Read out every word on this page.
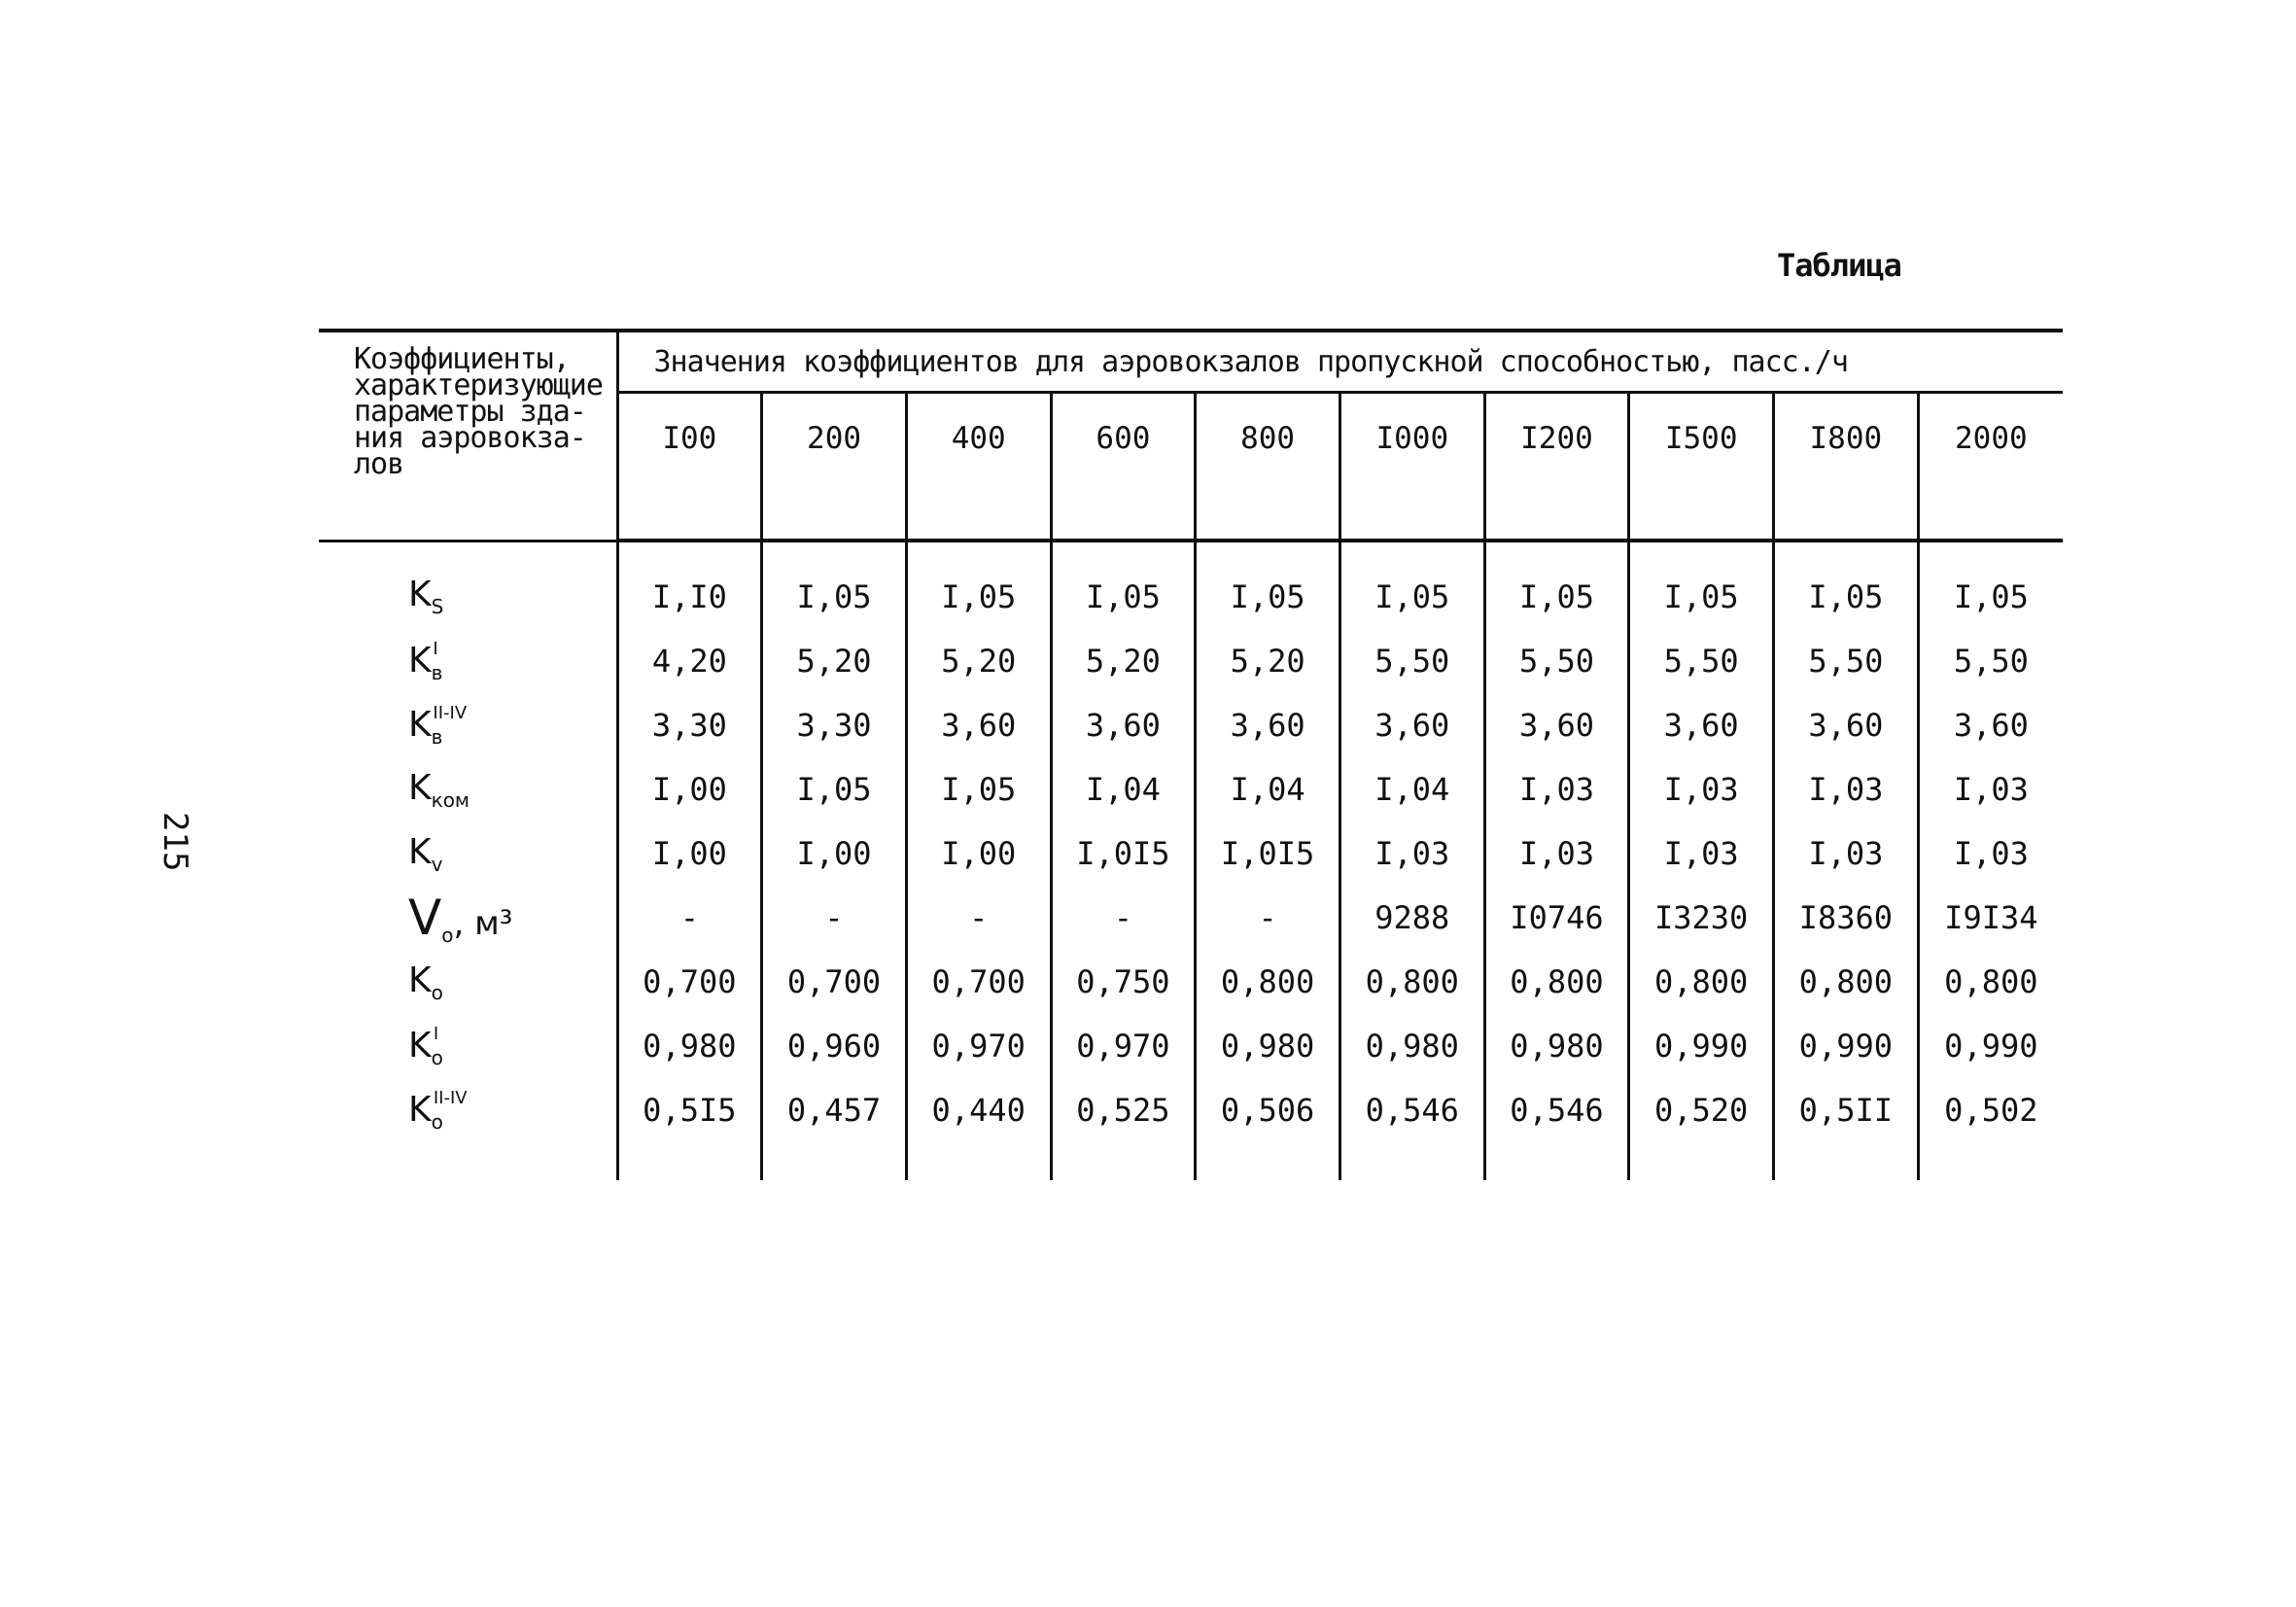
215
Таблица
Коэффициенты,
характеризующие
параметры зда-
ния аэровокза-
лов	Значения коэффициентов для аэровокзалов пропускной способностью, пасс./ч									
	I00	200	400	600	800	I000	I200	I500	I800	2000
$K_S$	I,I0	I,05	I,05	I,05	I,05	I,05	I,05	I,05	I,05	I,05
$K_в^I$	4,20	5,20	5,20	5,20	5,20	5,50	5,50	5,50	5,50	5,50
$K_в^{II-IV}$	3,30	3,30	3,60	3,60	3,60	3,60	3,60	3,60	3,60	3,60
$K_{ком}$	I,00	I,05	I,05	I,04	I,04	I,04	I,03	I,03	I,03	I,03
$K_v$	I,00	I,00	I,00	I,0I5	I,0I5	I,03	I,03	I,03	I,03	I,03
$V_о$, м³	-	-	-	-	-	9288	I0746	I3230	I8360	I9I34
$K_о$	0,700	0,700	0,700	0,750	0,800	0,800	0,800	0,800	0,800	0,800
$K_о^I$	0,980	0,960	0,970	0,970	0,980	0,980	0,980	0,990	0,990	0,990
$K_о^{II-IV}$	0,5I5	0,457	0,440	0,525	0,506	0,546	0,546	0,520	0,5II	0,502
